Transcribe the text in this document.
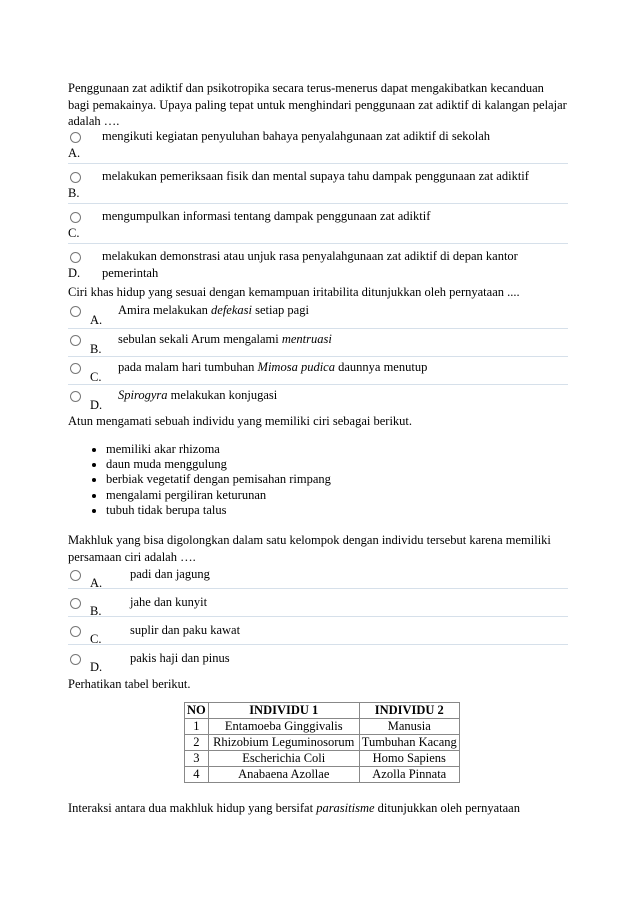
Penggunaan zat adiktif dan psikotropika secara terus-menerus dapat mengakibatkan kecanduan bagi pemakainya. Upaya paling tepat untuk menghindari penggunaan zat adiktif di kalangan pelajar adalah ….
mengikuti kegiatan penyuluhan bahaya penyalahgunaan zat adiktif di sekolah
A.
melakukan pemeriksaan fisik dan mental supaya tahu dampak penggunaan zat adiktif
B.
mengumpulkan informasi tentang dampak penggunaan zat adiktif
C.
melakukan demonstrasi atau unjuk rasa penyalahgunaan zat adiktif di depan kantor pemerintah
D.
Ciri khas hidup yang sesuai dengan kemampuan iritabilita ditunjukkan oleh pernyataan ....
A.
Amira melakukan defekasi setiap pagi
B.
sebulan sekali Arum mengalami mentruasi
C.
pada malam hari tumbuhan Mimosa pudica daunnya menutup
D.
Spirogyra melakukan konjugasi
Atun mengamati sebuah individu yang memiliki ciri sebagai berikut.
• memiliki akar rhizoma
• daun muda menggulung
• berbiak vegetatif dengan pemisahan rimpang
• mengalami pergiliran keturunan
• tubuh tidak berupa talus
Makhluk yang bisa digolongkan dalam satu kelompok dengan individu tersebut karena memiliki persamaan ciri adalah ….
A.
padi dan jagung
B.
jahe dan kunyit
C.
suplir dan paku kawat
D.
pakis haji dan pinus
Perhatikan tabel berikut.
NO	INDIVIDU 1	INDIVIDU 2
1	Entamoeba Ginggivalis	Manusia
2	Rhizobium Leguminosorum	Tumbuhan Kacang
3	Escherichia Coli	Homo Sapiens
4	Anabaena Azollae	Azolla Pinnata
Interaksi antara dua makhluk hidup yang bersifat parasitisme ditunjukkan oleh pernyataan
